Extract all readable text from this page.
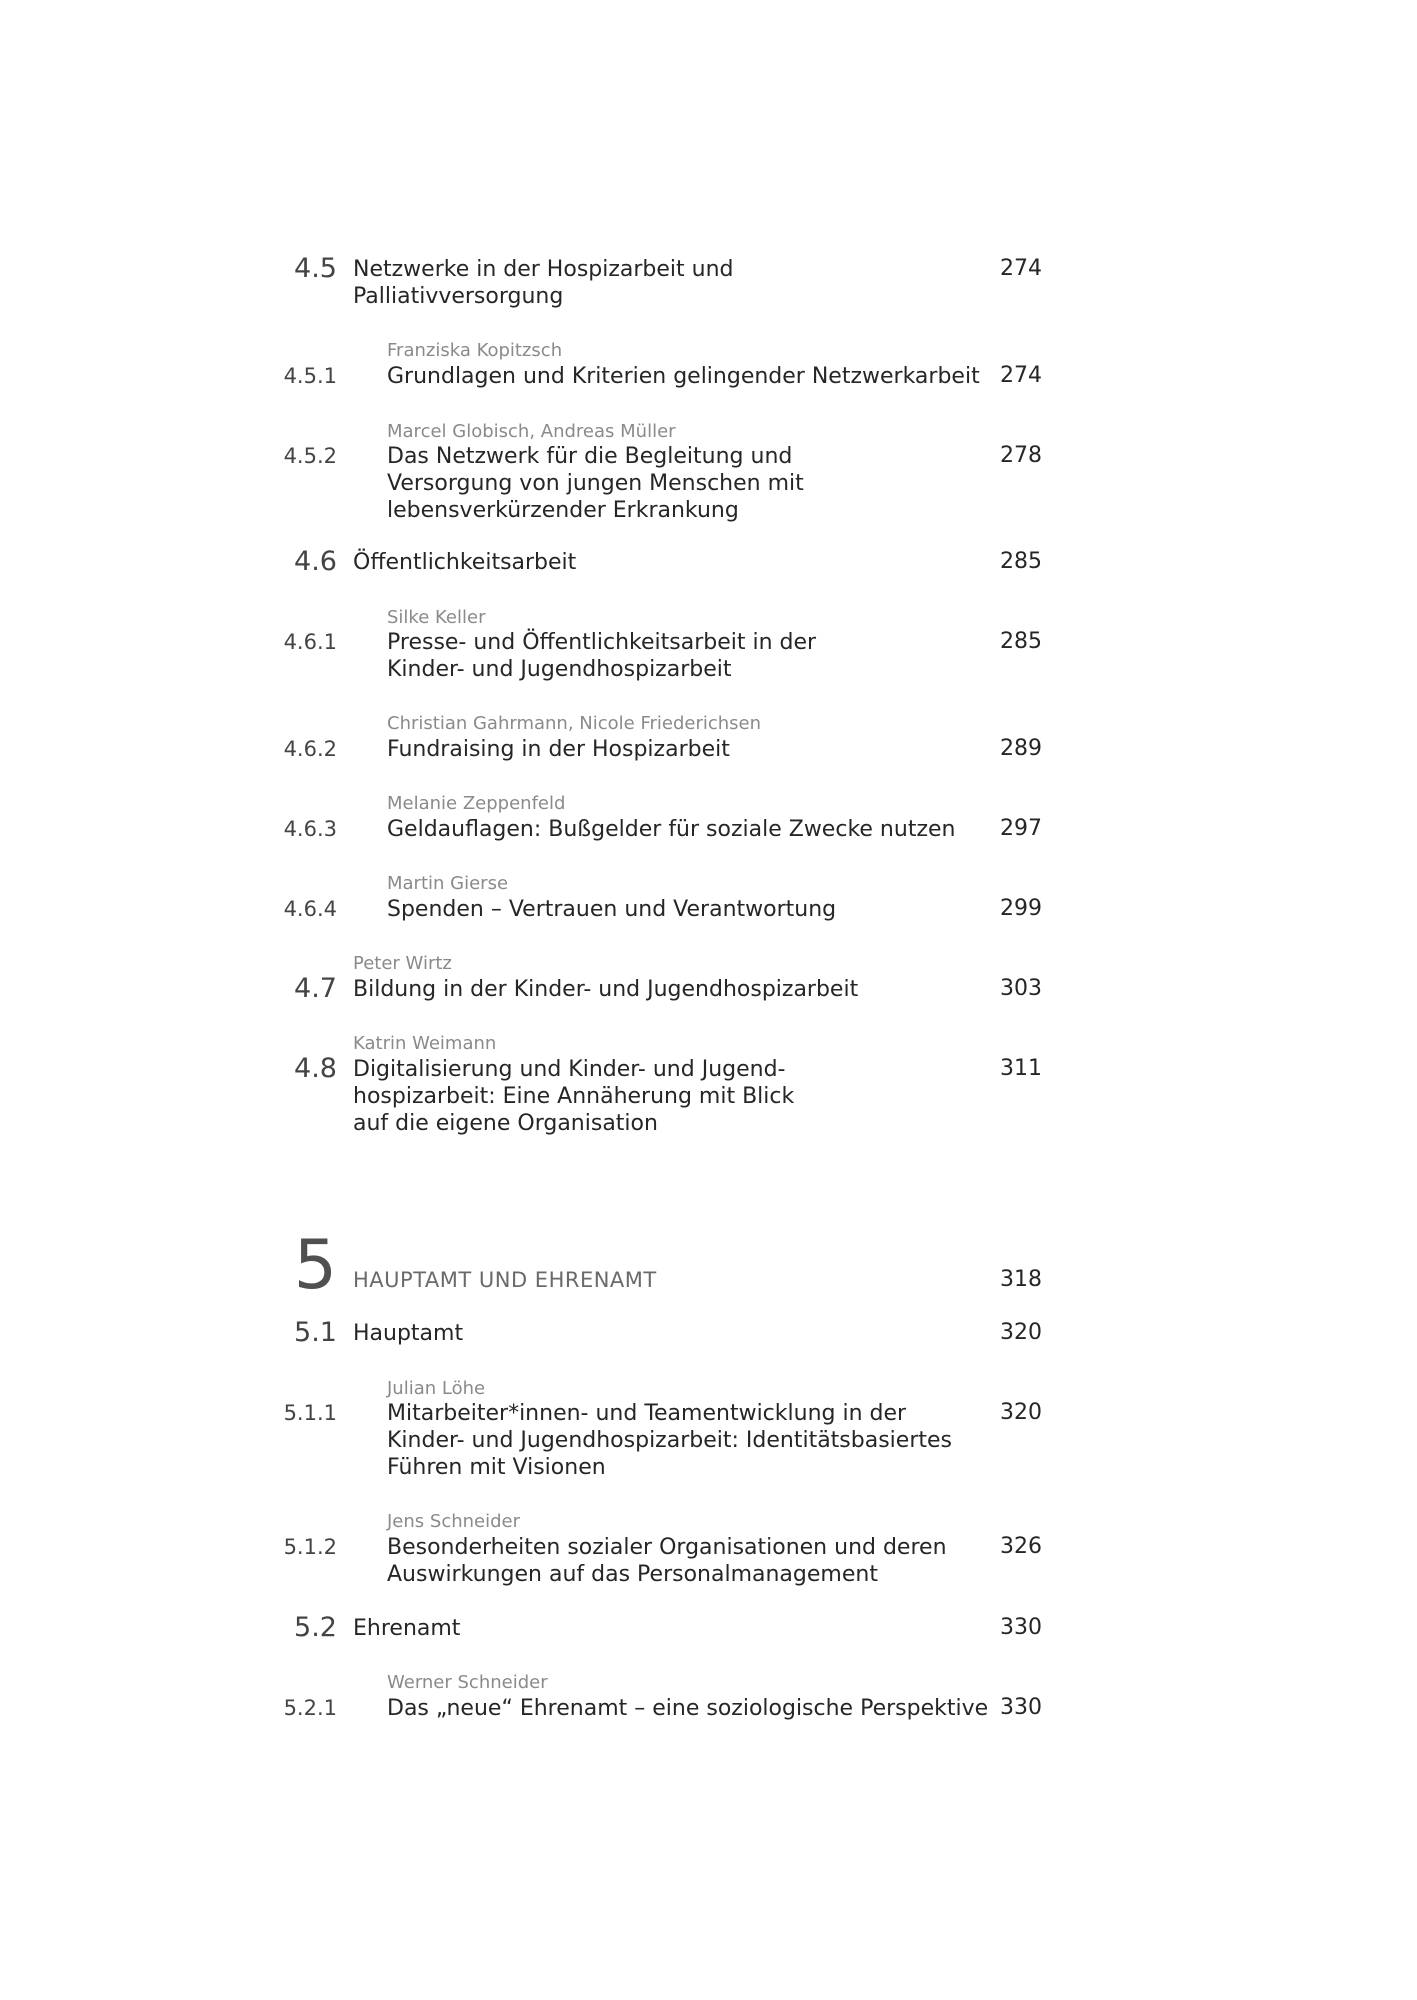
4.5 Netzwerke in der Hospizarbeit und
Palliativversorgung
274
Franziska Kopitzsch
4.5.1 Grundlagen und Kriterien gelingender Netzwerkarbeit 274
Marcel Globisch, Andreas Müller
4.5.2 Das Netzwerk für die Begleitung und
Versorgung von jungen Menschen mit
lebensverkürzender Erkrankung
278
4.6 Öffentlichkeitsarbeit	285
Silke Keller
4.6.1 Presse- und Öffentlichkeitsarbeit in der
Kinder- und Jugendhospizarbeit
285
Christian Gahrmann, Nicole Friederichsen
4.6.2 Fundraising in der Hospizarbeit	289
Melanie Zeppenfeld
4.6.3 Geldauflagen: Bußgelder für soziale Zwecke nutzen 297
Martin Gierse
4.6.4 Spenden – Vertrauen und Verantwortung	299
Peter Wirtz
4.7 Bildung in der Kinder- und Jugendhospizarbeit	303
Katrin Weimann
4.8 Digitalisierung und Kinder- und Jugend-
hospizarbeit: Eine Annäherung mit Blick
auf die eigene Organisation
311
5 HAUPTAMT UND EHRENAMT	318
5.1 Hauptamt	320
Julian Löhe
5.1.1 Mitarbeiter*innen- und Teamentwicklung in der
Kinder- und Jugendhospizarbeit: Identitätsbasiertes
Führen mit Visionen
320
Jens Schneider
5.1.2 Besonderheiten sozialer Organisationen und deren
Auswirkungen auf das Personalmanagement
326
5.2 Ehrenamt	330
Werner Schneider
5.2.1 Das „neue“ Ehrenamt – eine soziologische Perspektive 330
